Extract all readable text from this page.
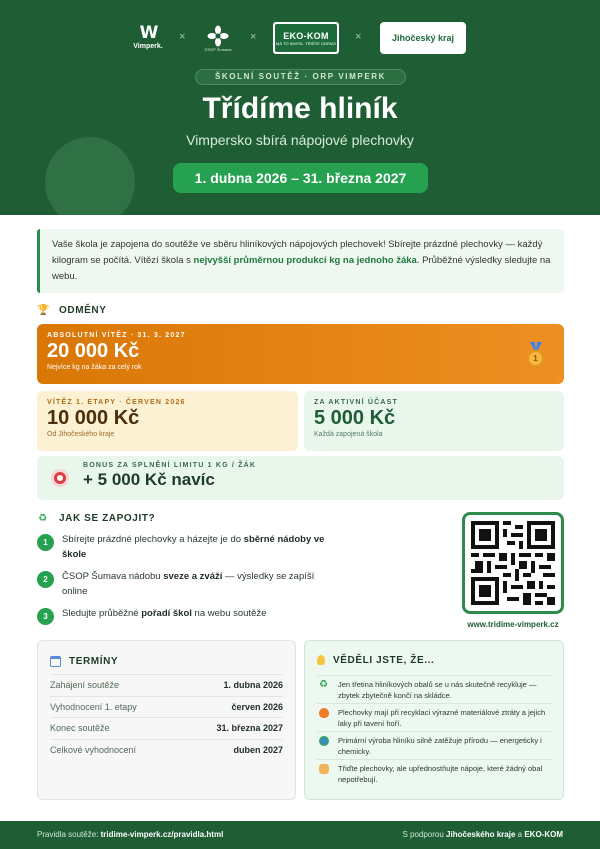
W
Vimperk.
×
ČSOP Šumava
×	EKO-KOM
MÁ TO SMYSL. TŘIĎTE ODPAD! ×	Jihočeský kraj
ŠKOLNÍ SOUTĚŽ · ORP VIMPERK
Třídíme hliník
Vimpersko sbírá nápojové plechovky
1. dubna 2026 – 31. března 2027
Vaše škola je zapojena do soutěže ve sběru hliníkových nápojových plechovek! Sbírejte prázdné plechovky — každý kilogram se počítá. Vítězí škola s nejvyšší průměrnou produkcí kg na jednoho žáka. Průběžné výsledky sledujte na webu.
🏆 ODMĚNY
ABSOLUTNÍ VÍTĚZ · 31. 3. 2027
20 000 Kč
Nejvíce kg na žáka za celý rok
1
VÍTĚZ 1. ETAPY · ČERVEN 2026
10 000 Kč
Od Jihočeského kraje
ZA AKTIVNÍ ÚČAST
5 000 Kč
Každá zapojená škola
BONUS ZA SPLNĚNÍ LIMITU 1 KG / ŽÁK
+ 5 000 Kč navíc
♻ JAK SE ZAPOJIT?
1	Sbírejte prázdné plechovky a házejte je do sběrné nádoby ve škole
2	ČSOP Šumava nádobu sveze a zváží — výsledky se zapíší online
3	Sledujte průběžné pořadí škol na webu soutěže
www.tridime-vimperk.cz
TERMÍNY
Zahájení soutěže	1. dubna 2026
Vyhodnocení 1. etapy	červen 2026
Konec soutěže	31. března 2027
Celkové vyhodnocení	duben 2027
VĚDĚLI JSTE, ŽE...
♻ Jen třetina hliníkových obalů se u nás skutečně recykluje — zbytek zbytečně končí na skládce.
Plechovky mají při recyklaci výrazné materiálové ztráty a jejich laky při tavení hoří.
Primární výroba hliníku silně zatěžuje přírodu — energeticky i chemicky.
Třiďte plechovky, ale upřednostňujte nápoje, které žádný obal nepotřebují.
Pravidla soutěže: tridime-vimperk.cz/pravidla.html	S podporou Jihočeského kraje a EKO-KOM
